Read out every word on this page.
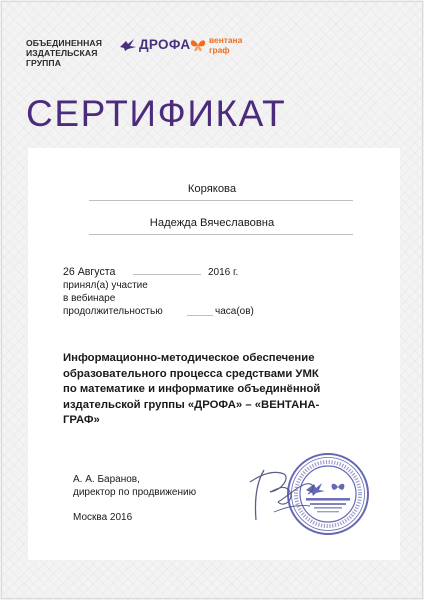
ОБЪЕДИНЕННАЯ
ИЗДАТЕЛЬСКАЯ
ГРУППА
ДРОФА вентана
граф
СЕРТИФИКАТ
Корякова
Надежда Вячеславовна
26 Августа	2016 г.
принял(а) участие
в вебинаре
продолжительностью	часа(ов)
Информационно-методическое обеспечение
образовательного процесса средствами УМК
по математике и информатике объединённой
издательской группы «ДРОФА» – «ВЕНТАНА-
ГРАФ»
А. А. Баранов,
директор по продвижению
Москва 2016
